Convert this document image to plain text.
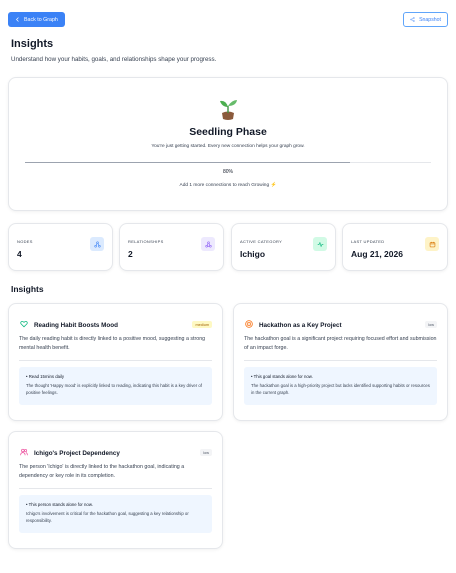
Back to Graph	Snapshot
Insights

Understand how your habits, goals, and relationships shape your progress.

Seedling Phase
You're just getting started. Every new connection helps your graph grow.
80%
Add 1 more connections to reach Growing ⚡
NODES
4
RELATIONSHIPS
2
ACTIVE CATEGORY
Ichigo
LAST UPDATED
Aug 21, 2026
Insights
Reading Habit Boosts Mood	medium
The daily reading habit is directly linked to a positive mood, suggesting a strong mental health benefit.
• Read 15mins daily
The thought 'Happy mood' is explicitly linked to reading, indicating this habit is a key driver of positive feelings.
Hackathon as a Key Project	low
The hackathon goal is a significant project requiring focused effort and submission of an impact forge.
• This goal stands alone for now.
The hackathon goal is a high-priority project but lacks identified supporting habits or resources in the current graph.
Ichigo's Project Dependency	low
The person 'Ichigo' is directly linked to the hackathon goal, indicating a dependency or key role in its completion.
• This person stands alone for now.
Ichigo's involvement is critical for the hackathon goal, suggesting a key relationship or responsibility.
